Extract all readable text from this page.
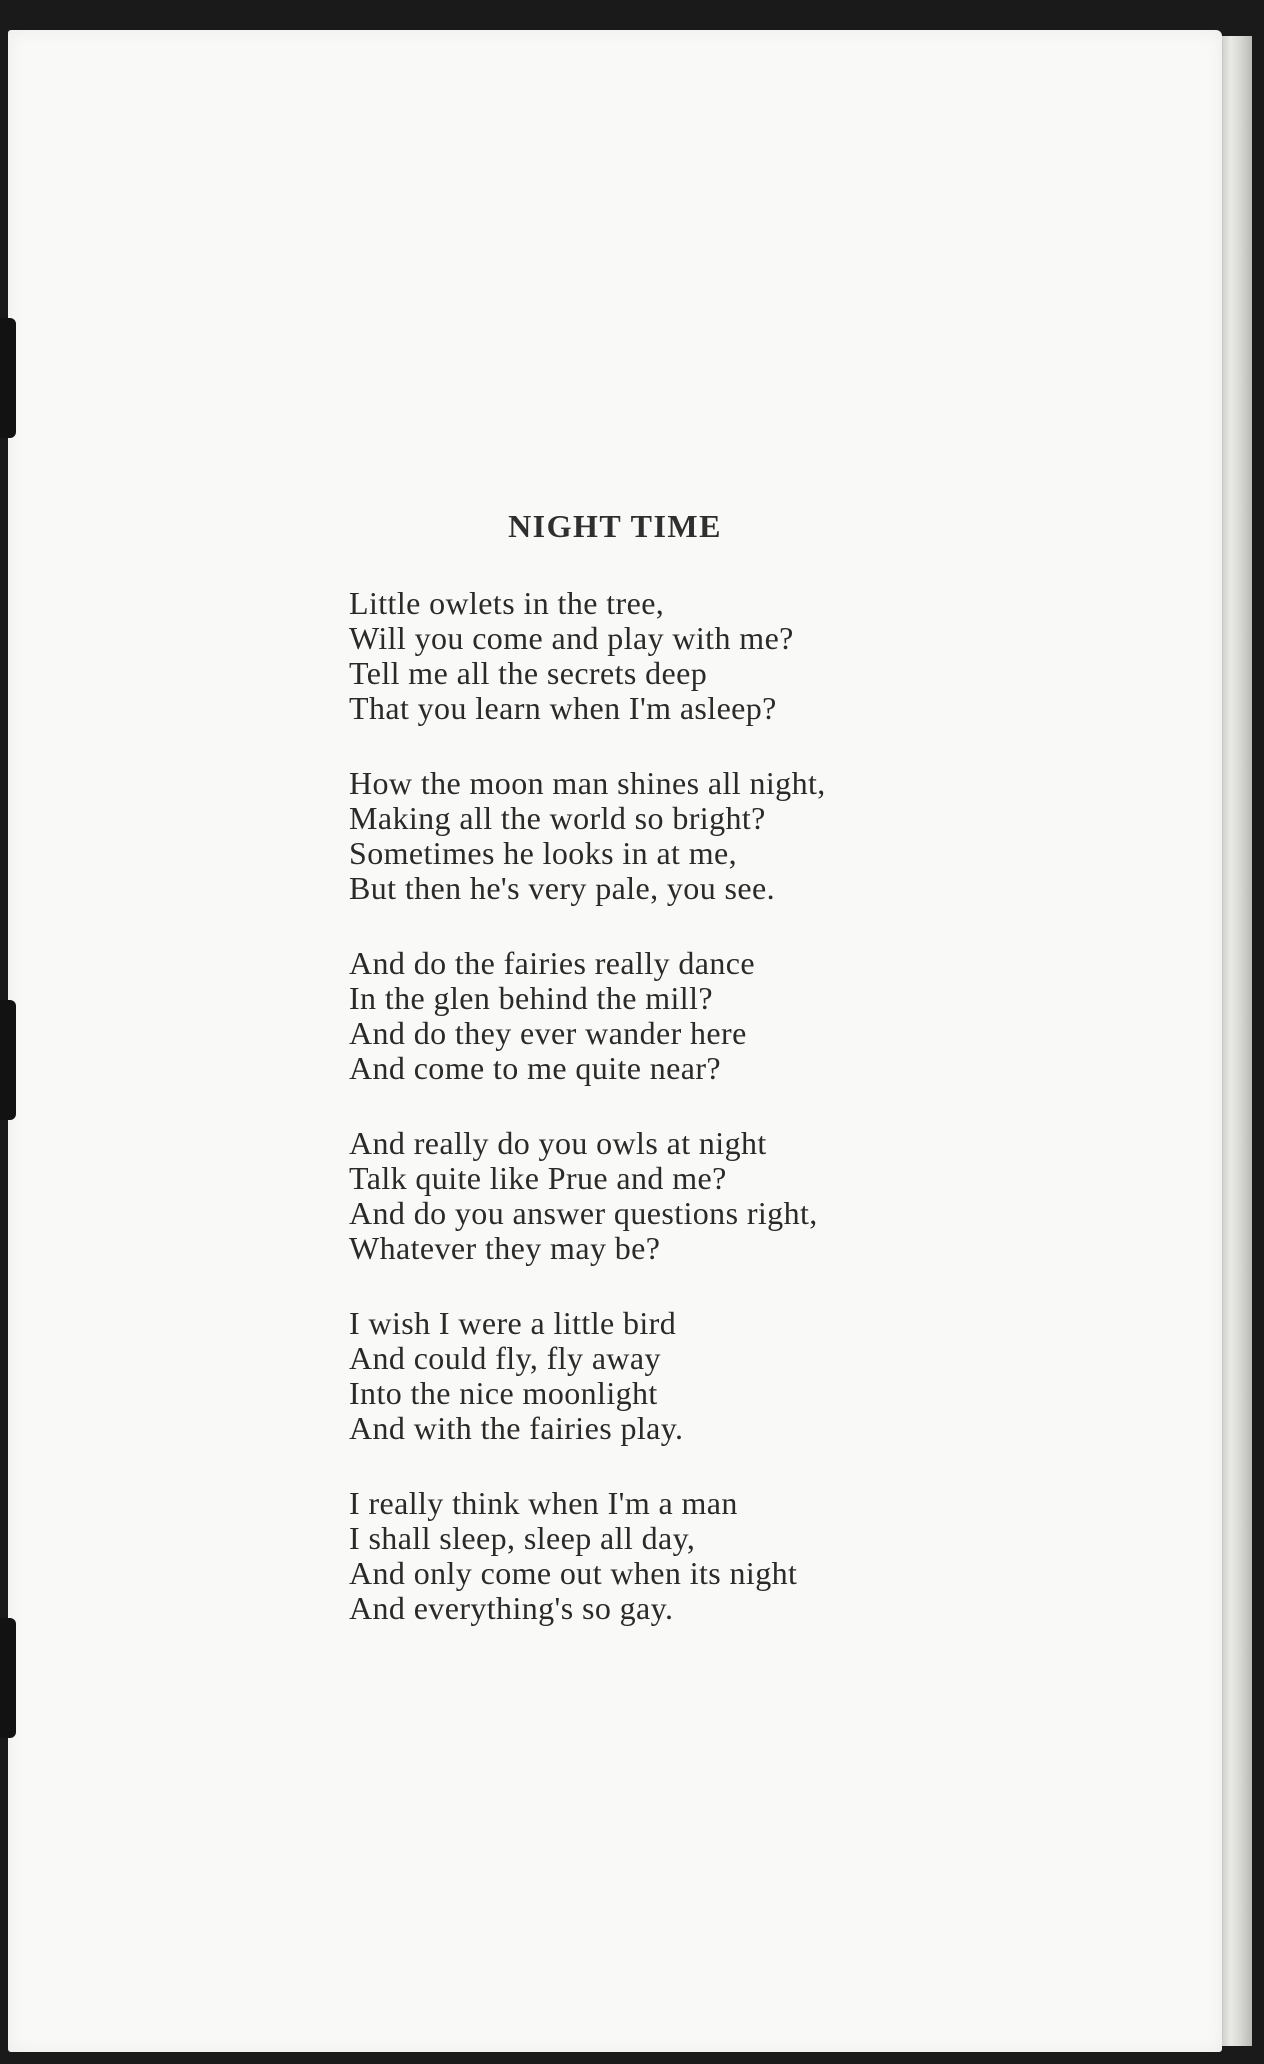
NIGHT TIME
Little owlets in the tree,
Will you come and play with me?
Tell me all the secrets deep
That you learn when I'm asleep?
How the moon man shines all night,
Making all the world so bright?
Sometimes he looks in at me,
But then he's very pale, you see.
And do the fairies really dance
In the glen behind the mill?
And do they ever wander here
And come to me quite near?
And really do you owls at night
Talk quite like Prue and me?
And do you answer questions right,
Whatever they may be?
I wish I were a little bird
And could fly, fly away
Into the nice moonlight
And with the fairies play.
I really think when I'm a man
I shall sleep, sleep all day,
And only come out when its night
And everything's so gay.
